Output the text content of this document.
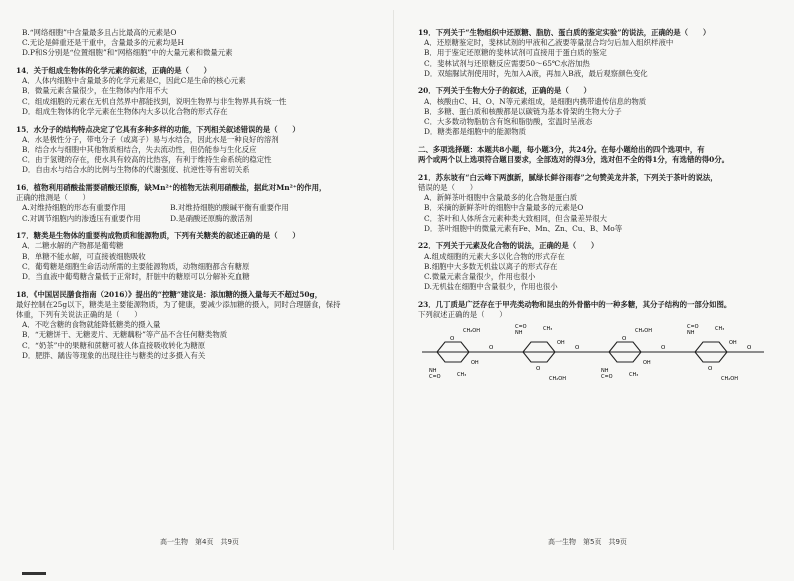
B.“网络细胞”中含量最多且占比最高的元素是O
C.无论是鲜重还是干重中，含量最多的元素均是H
D.P和S分别是“位置细胞”和“网格细胞”中的大量元素和微量元素
14．关于组成生物体的化学元素的叙述，正确的是（　　）
A．人体内细胞中含量最多的化学元素是C，因此C是生命的核心元素
B．微量元素含量很少，在生物体内作用不大
C．组成细胞的元素在无机自然界中都能找到，说明生物界与非生物界具有统一性
D．组成生物体的化学元素在生物体内大多以化合物的形式存在
15．水分子的结构特点决定了它具有多种多样的功能，下列相关叙述错误的是（　　）
A．水是极性分子，带电分子（或离子）易与水结合，因此水是一种良好的溶剂
B．结合水与细胞中其他物质相结合，失去流动性，但仍能参与生化反应
C．由于氢键的存在，使水具有较高的比热容，有利于维持生命系统的稳定性
D．自由水与结合水的比例与生物体的代谢强度、抗逆性等有密切关系
16．植物利用硝酸盐需要硝酸还原酶，缺Mn²⁺的植物无法利用硝酸盐，据此对Mn²⁺的作用，
正确的推测是（　　）
A.对维持细胞的形态有重要作用　　　　　　B.对维持细胞的酸碱平衡有重要作用
C.对调节细胞内的渗透压有重要作用　　　　D.是硝酸还原酶的激活剂
17．糖类是生物体的重要构成物质和能源物质，下列有关糖类的叙述正确的是（　　）
A．二糖水解的产物都是葡萄糖
B．单糖不能水解，可直接被细胞吸收
C．葡萄糖是细胞生命活动所需的主要能源物质，动物细胞都含有糖原
D．当血液中葡萄糖含量低于正常时，肝脏中的糖原可以分解补充血糖
18．《中国居民膳食指南（2016）》提出的“控糖”建议是：添加糖的摄入量每天不超过50g，
最好控制在25g以下，糖类是主要能源物质，为了健康，要减少添加糖的摄入，同时合理膳食，保持
体重，下列有关说法正确的是（　　）
A．不吃含糖的食物就能降低糖类的摄入量
B．“无糖饼干、无糖麦片、无糖藕粉”等产品不含任何糖类物质
C．“奶茶”中的果糖和蔗糖可被人体直接吸收转化为糖原
D．肥胖、龋齿等现象的出现往往与糖类的过多摄入有关
19．下列关于“生物组织中还原糖、脂肪、蛋白质的鉴定实验”的说法，正确的是（　　）
A．还原糖鉴定时，斐林试剂的甲液和乙液要等量混合均匀后加入组织样液中
B．用于鉴定还原糖的斐林试剂可直接用于蛋白质的鉴定
C．斐林试剂与还原糖反应需要50～65℃水浴加热
D．双缩脲试剂使用时，先加入A液，再加入B液，最后观察颜色变化
20．下列关于生物大分子的叙述，正确的是（　　）
A．核酸由C、H、O、N等元素组成，是细胞内携带遗传信息的物质
B．多糖、蛋白质和核酸都是以碳链为基本骨架的生物大分子
C．大多数动物脂肪含有饱和脂肪酸，室温时呈液态
D．糖类都是细胞中的能源物质
二、多项选择题：本题共8小题，每小题3分，共24分。在每小题给出的四个选项中，有
两个或两个以上选项符合题目要求，全部选对的得3分，选对但不全的得1分，有选错的得0分。
21．苏东坡有“白云峰下两旗新，腻绿长鲜谷雨春”之句赞美龙井茶，下列关于茶叶的说法，
错误的是（　　）
A．新鲜茶叶细胞中含量最多的化合物是蛋白质
B．采摘的新鲜茶叶的细胞中含量最多的元素是O
C．茶叶和人体所含元素种类大致相同，但含量差异很大
D．茶叶细胞中的微量元素有Fe、Mn、Zn、Cu、B、Mo等
22．下列关于元素及化合物的说法，正确的是（　　）
A.组成细胞的元素大多以化合物的形式存在
B.细胞中大多数无机盐以离子的形式存在
C.微量元素含量很少，作用也很小
D.无机盐在细胞中含量很少，作用也很小
23．几丁质是广泛存在于甲壳类动物和昆虫的外骨骼中的一种多糖，其分子结构的一部分如图。
下列叙述正确的是（　　）
O
CH₂OH
NH
C=O	CH₃
OH
O
O
CH₂OH
NH
C=O	CH₃
OH
O
O
CH₂OH
NH
C=O	CH₃
OH
O
O
CH₂OH
NH
C=O	CH₃
OH
O
高一生物　第4页　共9页	高一生物　第5页　共9页
